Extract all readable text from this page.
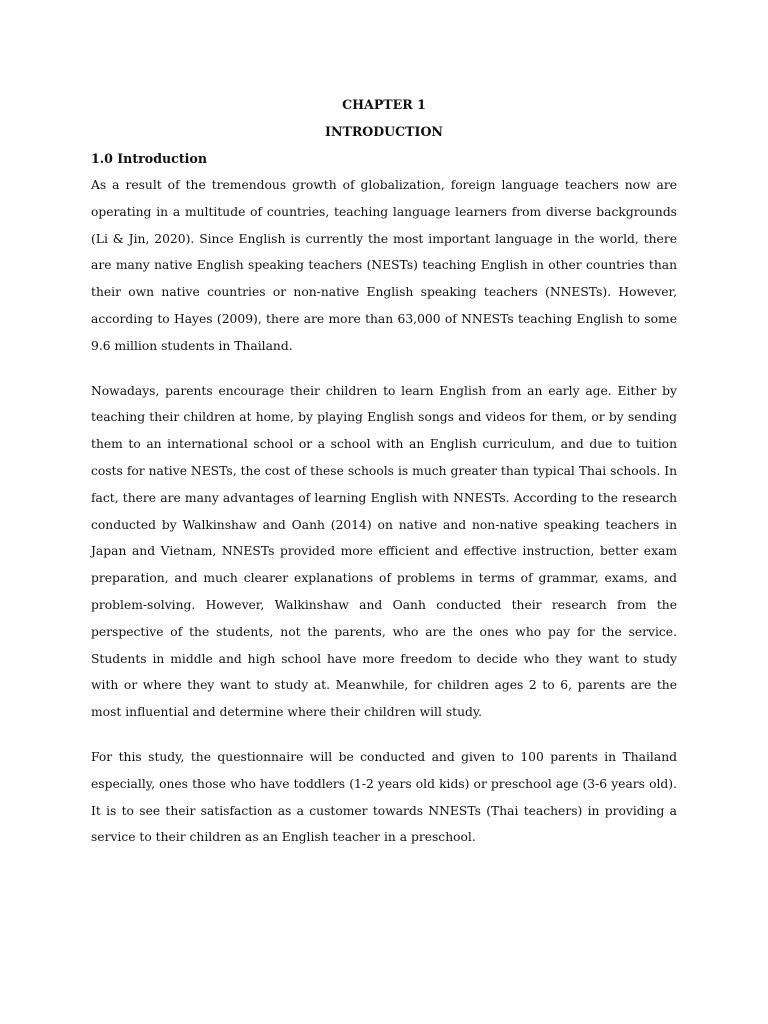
CHAPTER 1

INTRODUCTION

1.0 Introduction

As a result of the tremendous growth of globalization, foreign language teachers now are operating in a multitude of countries, teaching language learners from diverse backgrounds (Li & Jin, 2020). Since English is currently the most important language in the world, there are many native English speaking teachers (NESTs) teaching English in other countries than their own native countries or non-native English speaking teachers (NNESTs). However, according to Hayes (2009), there are more than 63,000 of NNESTs teaching English to some 9.6 million students in Thailand.

Nowadays, parents encourage their children to learn English from an early age. Either by teaching their children at home, by playing English songs and videos for them, or by sending them to an international school or a school with an English curriculum, and due to tuition costs for native NESTs, the cost of these schools is much greater than typical Thai schools. In fact, there are many advantages of learning English with NNESTs. According to the research conducted by Walkinshaw and Oanh (2014) on native and non-native speaking teachers in Japan and Vietnam, NNESTs provided more efficient and effective instruction, better exam preparation, and much clearer explanations of problems in terms of grammar, exams, and problem-solving. However, Walkinshaw and Oanh conducted their research from the perspective of the students, not the parents, who are the ones who pay for the service. Students in middle and high school have more freedom to decide who they want to study with or where they want to study at. Meanwhile, for children ages 2 to 6, parents are the most influential and determine where their children will study.

For this study, the questionnaire will be conducted and given to 100 parents in Thailand especially, ones those who have toddlers (1-2 years old kids) or preschool age (3-6 years old). It is to see their satisfaction as a customer towards NNESTs (Thai teachers) in providing a service to their children as an English teacher in a preschool.
